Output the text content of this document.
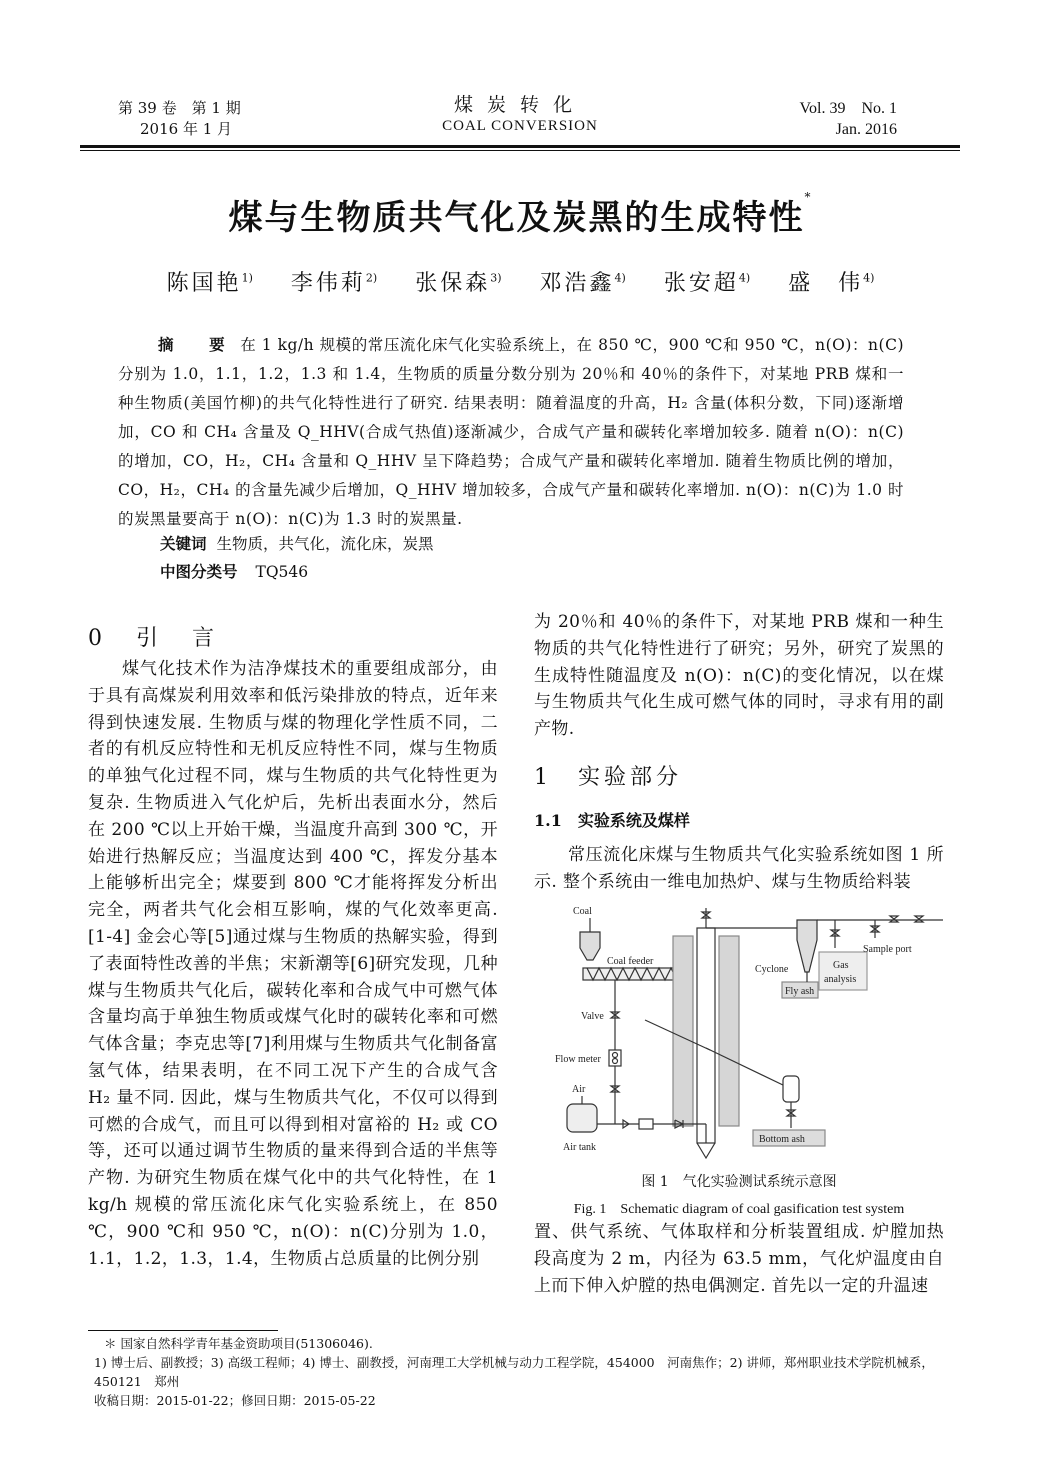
第 39 卷　第 1 期
2016 年 1 月
煤炭转化
COAL CONVERSION
Vol. 39　No. 1
Jan. 2016
煤与生物质共气化及炭黑的生成特性*
陈国艳$^{1)}$ 李伟莉$^{2)}$ 张保森$^{3)}$ 邓浩鑫$^{4)}$ 张安超$^{4)}$ 盛　伟$^{4)}$
摘　要 在 1 kg/h 规模的常压流化床气化实验系统上，在 850 ℃，900 ℃和 950 ℃，n(O)：n(C) 分别为 1.0，1.1，1.2，1.3 和 1.4，生物质的质量分数分别为 20％和 40％的条件下，对某地 PRB 煤和一种生物质(美国竹柳)的共气化特性进行了研究. 结果表明：随着温度的升高，H₂ 含量(体积分数，下同)逐渐增加，CO 和 CH₄ 含量及 Q_HHV(合成气热值)逐渐减少，合成气产量和碳转化率增加较多. 随着 n(O)：n(C)的增加，CO，H₂，CH₄ 含量和 Q_HHV 呈下降趋势；合成气产量和碳转化率增加. 随着生物质比例的增加，CO，H₂，CH₄ 的含量先减少后增加，Q_HHV 增加较多，合成气产量和碳转化率增加. n(O)：n(C)为 1.0 时的炭黑量要高于 n(O)：n(C)为 1.3 时的炭黑量.
关键词 生物质，共气化，流化床，炭黑
中图分类号 TQ546
0　引　言

煤气化技术作为洁净煤技术的重要组成部分，由于具有高煤炭利用效率和低污染排放的特点，近年来得到快速发展. 生物质与煤的物理化学性质不同，二者的有机反应特性和无机反应特性不同，煤与生物质的单独气化过程不同，煤与生物质的共气化特性更为复杂. 生物质进入气化炉后，先析出表面水分，然后在 200 ℃以上开始干燥，当温度升高到 300 ℃，开始进行热解反应；当温度达到 400 ℃，挥发分基本上能够析出完全；煤要到 800 ℃才能将挥发分析出完全，两者共气化会相互影响，煤的气化效率更高.[1-4] 金会心等[5]通过煤与生物质的热解实验，得到了表面特性改善的半焦；宋新潮等[6]研究发现，几种煤与生物质共气化后，碳转化率和合成气中可燃气体含量均高于单独生物质或煤气化时的碳转化率和可燃气体含量；李克忠等[7]利用煤与生物质共气化制备富氢气体，结果表明，在不同工况下产生的合成气含 H₂ 量不同. 因此，煤与生物质共气化，不仅可以得到可燃的合成气，而且可以得到相对富裕的 H₂ 或 CO 等，还可以通过调节生物质的量来得到合适的半焦等产物. 为研究生物质在煤气化中的共气化特性，在 1 kg/h 规模的常压流化床气化实验系统上，在 850 ℃，900 ℃和 950 ℃，n(O)：n(C)分别为 1.0，1.1，1.2，1.3，1.4，生物质占总质量的比例分别

为 20％和 40％的条件下，对某地 PRB 煤和一种生物质的共气化特性进行了研究；另外，研究了炭黑的生成特性随温度及 n(O)：n(C)的变化情况，以在煤与生物质共气化生成可燃气体的同时，寻求有用的副产物.

1　实验部分
1.1　实验系统及煤样

常压流化床煤与生物质共气化实验系统如图 1 所示. 整个系统由一维电加热炉、煤与生物质给料装

Coal
Coal feeder
Valve
Flow meter
Air
Air tank
Cyclone
Fly ash
Gas
analysis
Sample port
Bottom ash
图 1　气化实验测试系统示意图
Fig. 1　Schematic diagram of coal gasification test system

置、供气系统、气体取样和分析装置组成. 炉膛加热段高度为 2 m，内径为 63.5 mm，气化炉温度由自上而下伸入炉膛的热电偶测定. 首先以一定的升温速

＊ 国家自然科学青年基金资助项目(51306046).
1) 博士后、副教授；3) 高级工程师；4) 博士、副教授，河南理工大学机械与动力工程学院，454000　河南焦作；2) 讲师，郑州职业技术学院机械系，450121　郑州
收稿日期：2015-01-22；修回日期：2015-05-22
